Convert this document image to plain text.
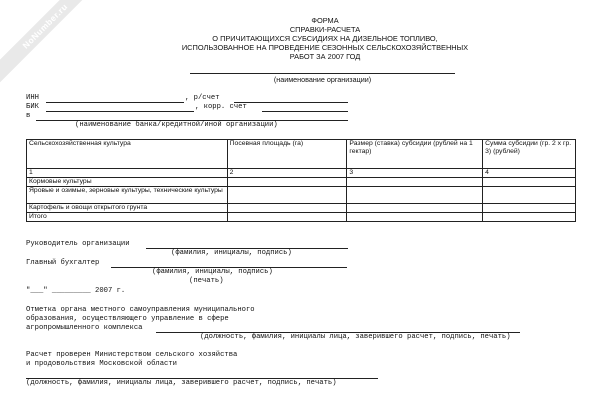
NoNumber.ru	ФОРМА
СПРАВКИ-РАСЧЕТА
О ПРИЧИТАЮЩИХСЯ СУБСИДИЯХ НА ДИЗЕЛЬНОЕ ТОПЛИВО,
ИСПОЛЬЗОВАННОЕ НА ПРОВЕДЕНИЕ СЕЗОННЫХ СЕЛЬСКОХОЗЯЙСТВЕННЫХ
РАБОТ ЗА 2007 ГОД
(наименование организации)
ИНН	, р/счет
БИК	, корр. счет
в
(наименование банка/кредитной/иной организации)
Сельскохозяйственная культура	Посевная площадь (га)	Размер (ставка) субсидии (рублей на 1 гектар)	Сумма субсидии (гр. 2 х гр. 3) (рублей)
1	2	3	4
Кормовые культуры			
Яровые и озимые, зерновые культуры, технические культуры			
Картофель и овощи открытого грунта			
Итого			
Руководитель организации
(фамилия, инициалы, подпись)
Главный бухгалтер
(фамилия, инициалы, подпись)
(печать)
"___" _________ 2007 г.
Отметка органа местного самоуправления муниципального
образования, осуществляющего управление в сфере
агропромышленного комплекса
(должность, фамилия, инициалы лица, заверившего расчет, подпись, печать)
Расчет проверен Министерством сельского хозяйства
и продовольствия Московской области
(должность, фамилия, инициалы лица, заверившего расчет, подпись, печать)
